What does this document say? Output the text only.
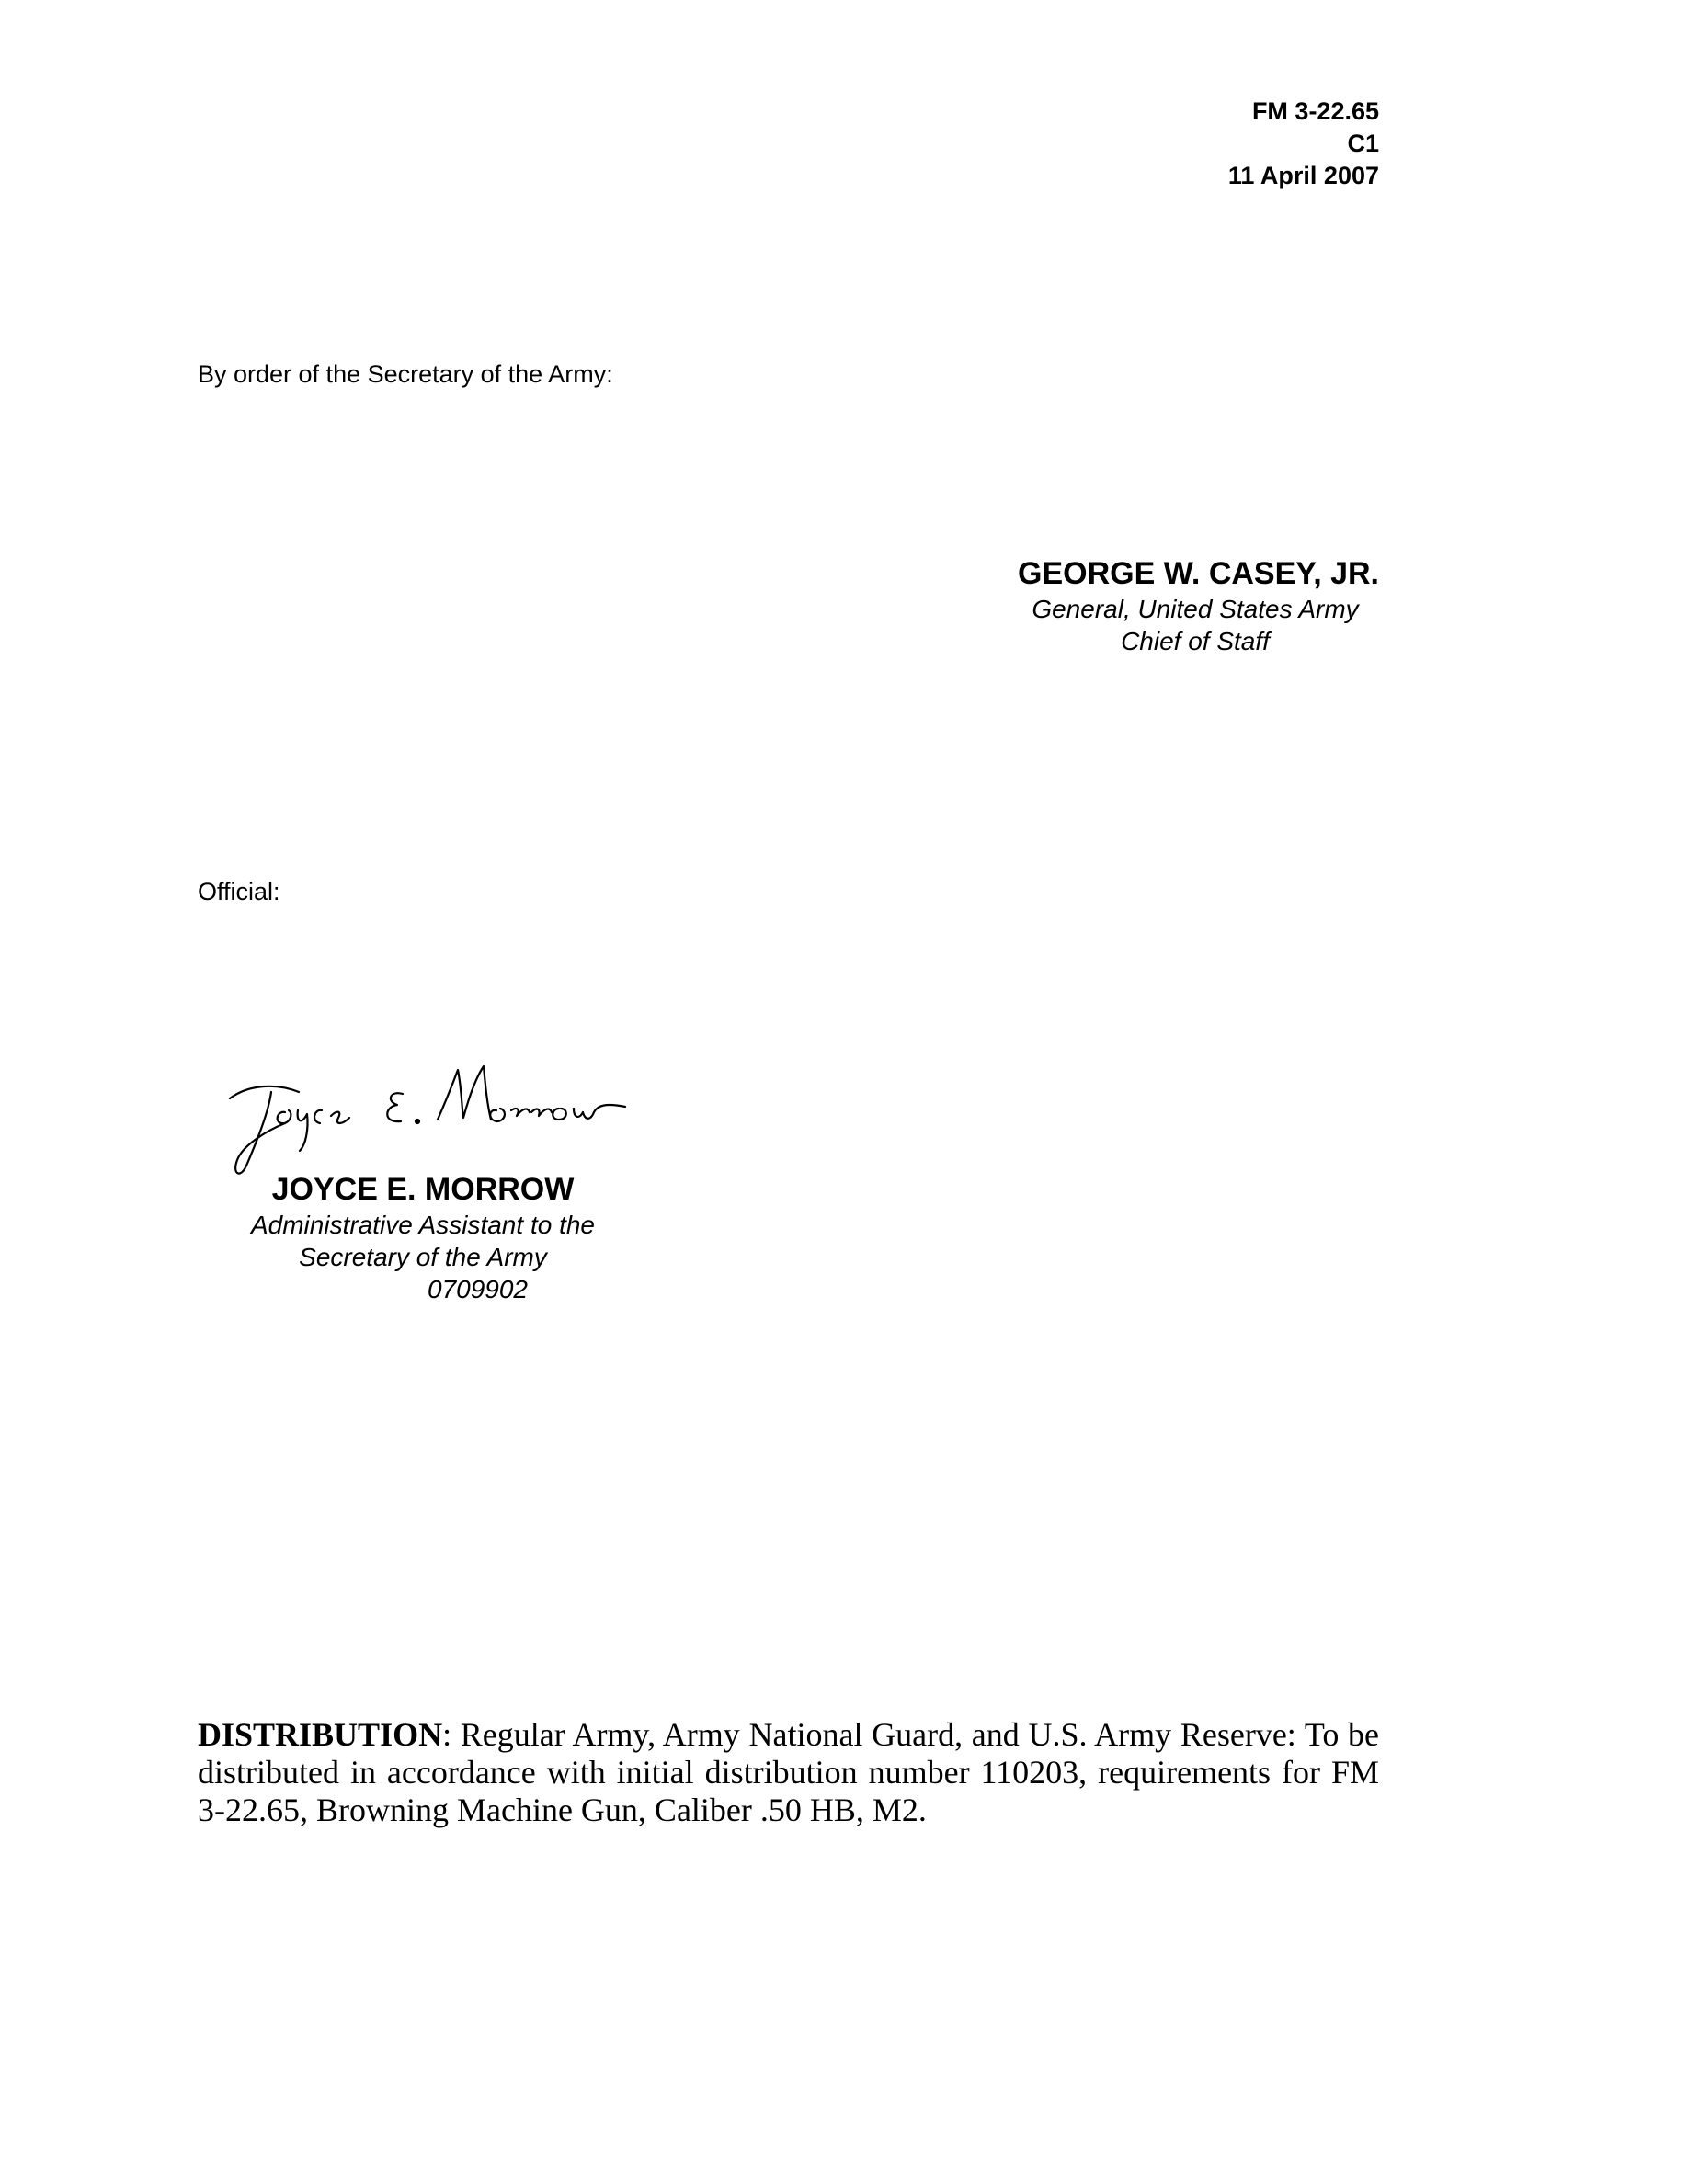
FM 3-22.65
C1
11 April 2007
By order of the Secretary of the Army:
GEORGE W. CASEY, JR.
General, United States Army
Chief of Staff
Official:
JOYCE E. MORROW
Administrative Assistant to the
Secretary of the Army
0709902

DISTRIBUTION: Regular Army, Army National Guard, and U.S. Army Reserve: To be distributed in accordance with initial distribution number 110203, requirements for FM 3-22.65, Browning Machine Gun, Caliber .50 HB, M2.
